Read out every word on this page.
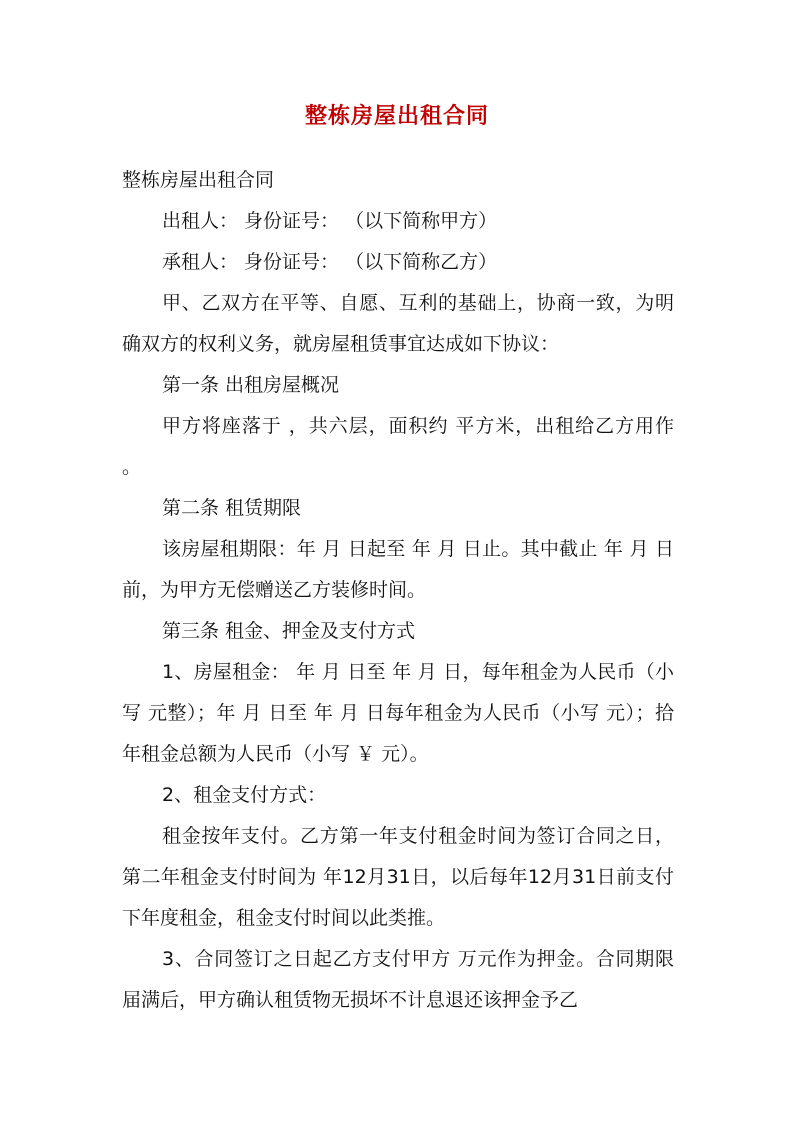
整栋房屋出租合同

整栋房屋出租合同

出租人： 身份证号： （以下简称甲方）

承租人： 身份证号： （以下简称乙方）

甲、乙双方在平等、自愿、互利的基础上，协商一致，为明确双方的权利义务，就房屋租赁事宜达成如下协议：

第一条 出租房屋概况

甲方将座落于 ，共六层，面积约 平方米，出租给乙方用作 。

第二条 租赁期限

该房屋租期限：年 月 日起至 年 月 日止。其中截止 年 月 日前，为甲方无偿赠送乙方装修时间。

第三条 租金、押金及支付方式

1、房屋租金： 年 月 日至 年 月 日，每年租金为人民币（小写 元整）；年 月 日至 年 月 日每年租金为人民币（小写 元）；拾年租金总额为人民币（小写 ￥ 元）。

2、租金支付方式：

租金按年支付。乙方第一年支付租金时间为签订合同之日，第二年租金支付时间为 年12月31日，以后每年12月31日前支付下年度租金，租金支付时间以此类推。

3、合同签订之日起乙方支付甲方 万元作为押金。合同期限届满后，甲方确认租赁物无损坏不计息退还该押金予乙
